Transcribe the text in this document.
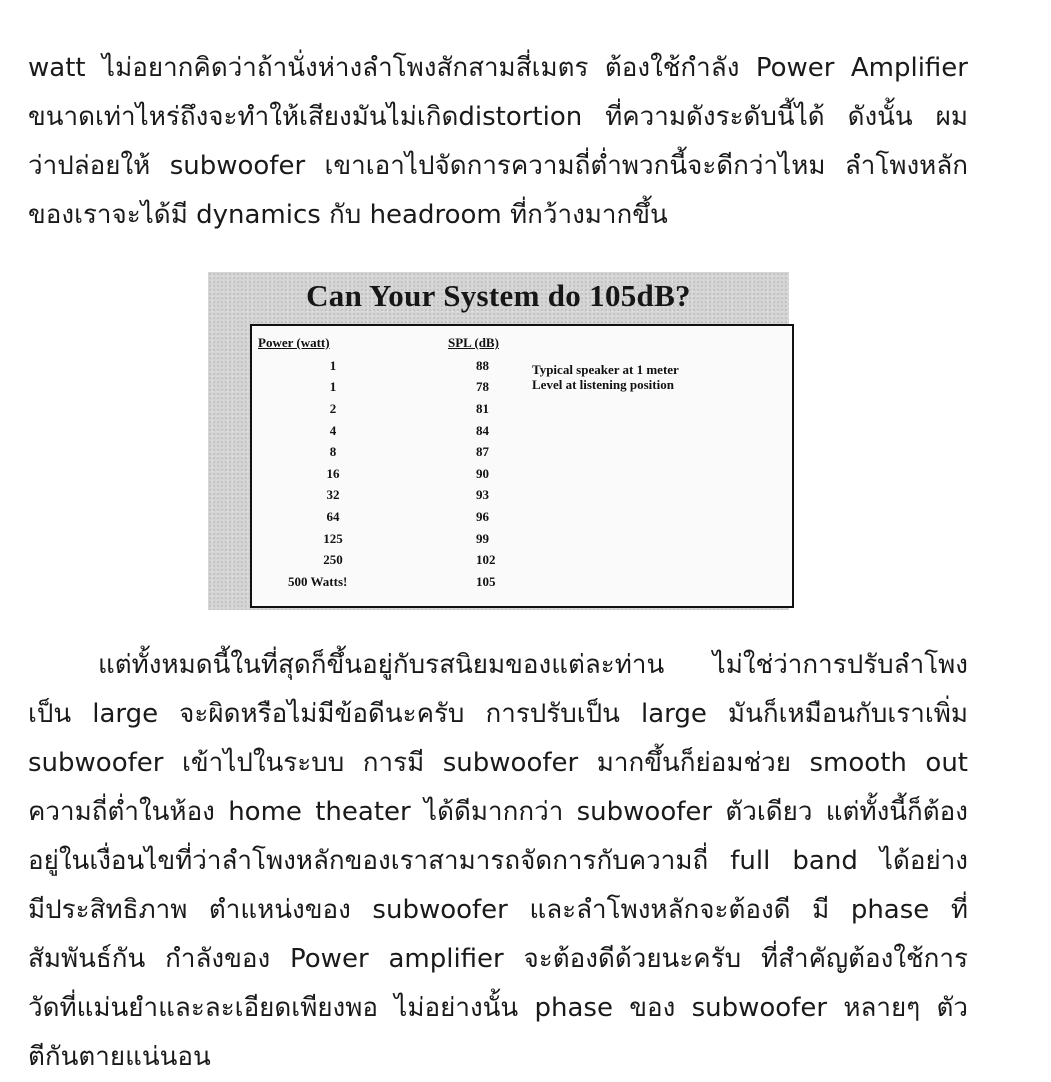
watt ไม่อยากคิดว่าถ้านั่งห่างลำโพงสักสามสี่เมตร ต้องใช้กำลัง Power Amplifier
ขนาดเท่าไหร่ถึงจะทำให้เสียงมันไม่เกิดdistortion ที่ความดังระดับนี้ได้ ดังนั้น ผม
ว่าปล่อยให้ subwoofer เขาเอาไปจัดการความถี่ต่ำพวกนี้จะดีกว่าไหม ลำโพงหลัก
ของเราจะได้มี dynamics กับ headroom ที่กว้างมากขึ้น
Can Your System do 105dB?
Power (watt)	SPL (dB)
1	88
1	78
2	81
4	84
8	87
16	90
32	93
64	96
125	99
250	102
500 Watts!	105
Typical speaker at 1 meter
Level at listening position
แต่ทั้งหมดนี้ในที่สุดก็ขึ้นอยู่กับรสนิยมของแต่ละท่าน ไม่ใช่ว่าการปรับลำโพง
เป็น large จะผิดหรือไม่มีข้อดีนะครับ การปรับเป็น large มันก็เหมือนกับเราเพิ่ม
subwoofer เข้าไปในระบบ การมี subwoofer มากขึ้นก็ย่อมช่วย smooth out
ความถี่ต่ำในห้อง home theater ได้ดีมากกว่า subwoofer ตัวเดียว แต่ทั้งนี้ก็ต้อง
อยู่ในเงื่อนไขที่ว่าลำโพงหลักของเราสามารถจัดการกับความถี่ full band ได้อย่าง
มีประสิทธิภาพ ตำแหน่งของ subwoofer และลำโพงหลักจะต้องดี มี phase ที่
สัมพันธ์กัน กำลังของ Power amplifier จะต้องดีด้วยนะครับ ที่สำคัญต้องใช้การ
วัดที่แม่นยำและละเอียดเพียงพอ ไม่อย่างนั้น phase ของ subwoofer หลายๆ ตัว
ตีกันตายแน่นอน
